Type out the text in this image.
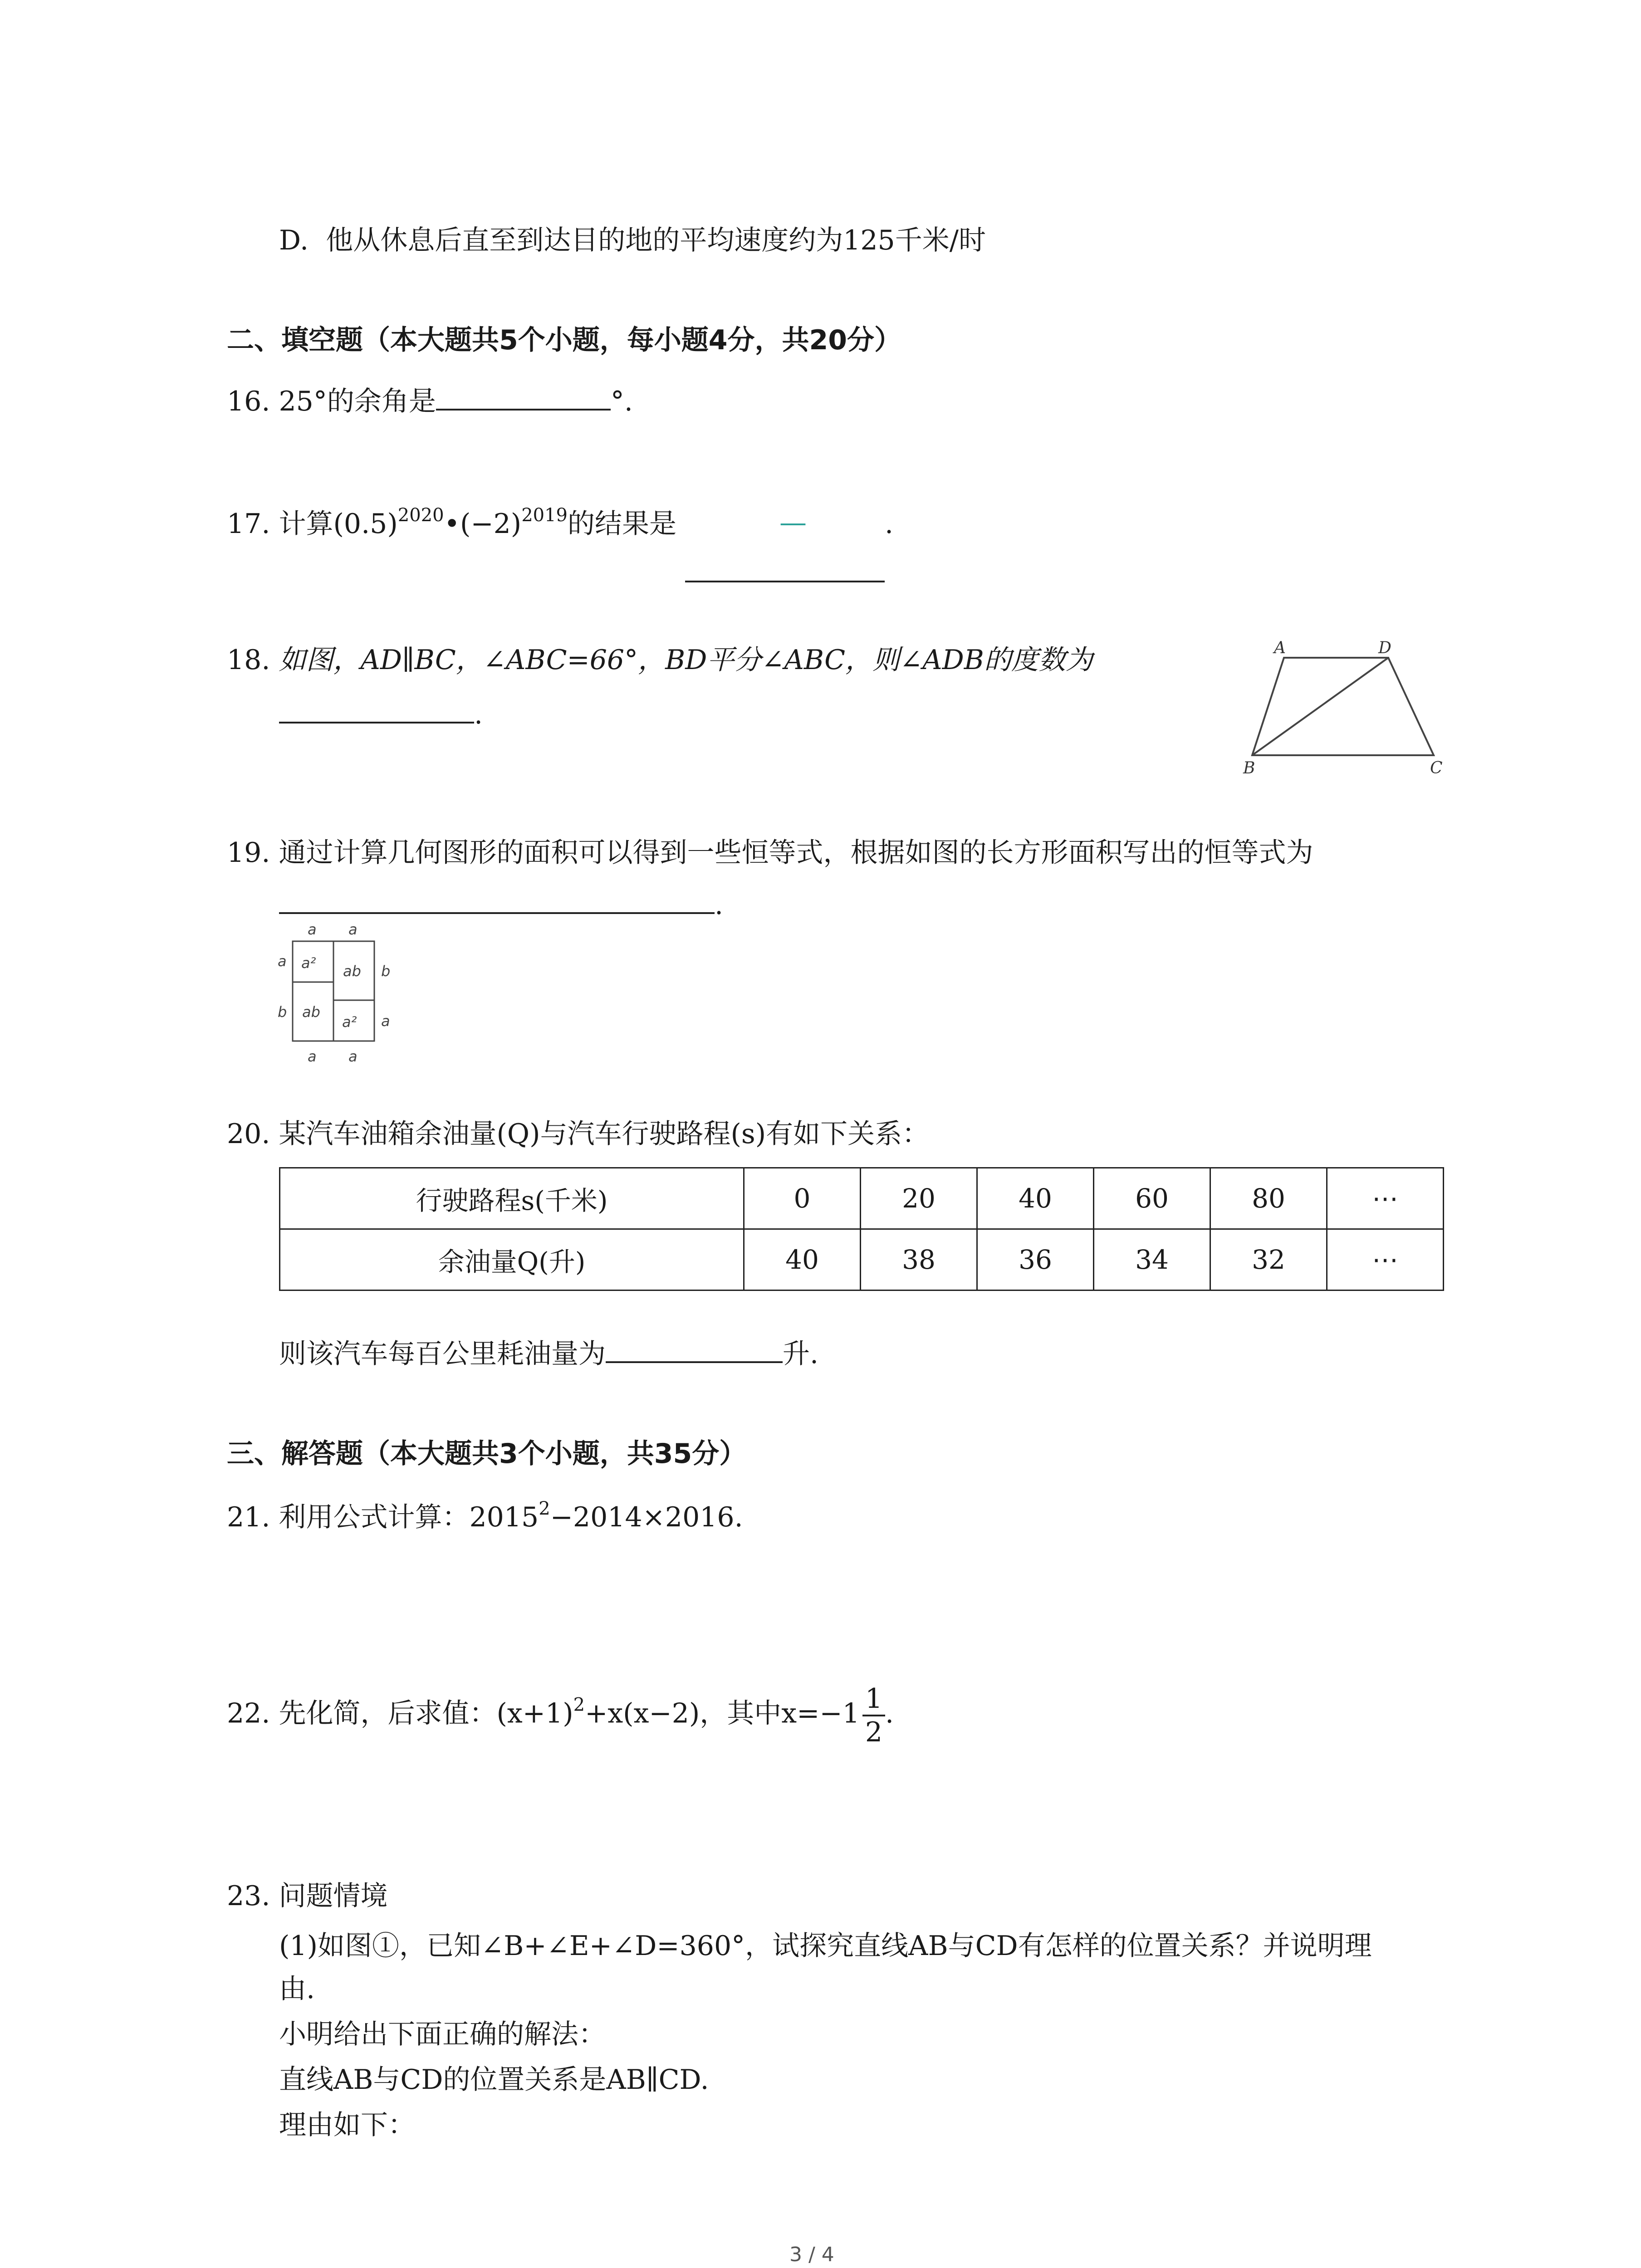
D. 他从休息后直至到达目的地的平均速度约为125千米/时
二、填空题（本大题共5个小题，每小题4分，共20分）
16. 25°的余角是	°.
17. 计算$(0.5)^{2020}•(-2)^{2019}$的结果是	—	.
18. 如图，AD∥BC，∠ABC=66°，BD平分∠ABC，则∠ADB的度数为
.
A	D
B	C
19. 通过计算几何图形的面积可以得到一些恒等式，根据如图的长方形面积写出的恒等式为
.
a a
a a
a
b
b
a
a²
ab
ab
a²
20. 某汽车油箱余油量(Q)与汽车行驶路程(s)有如下关系：
行驶路程s(千米)	0	20	40	60	80	⋯
余油量Q(升)	40	38	36	34	32	⋯
则该汽车每百公里耗油量为	升.
三、解答题（本大题共3个小题，共35分）
21. 利用公式计算：$2015^2-2014\times 2016$.
22. 先化简，后求值：$(x+1)^2+x(x-2)$，其中$x=-1 \frac{1}{2}$ .
23. 问题情境
(1)如图①，已知∠B+∠E+∠D=360°，试探究直线AB与CD有怎样的位置关系？并说明理
由.
小明给出下面正确的解法：
直线AB与CD的位置关系是AB∥CD.
理由如下：
3 / 4
